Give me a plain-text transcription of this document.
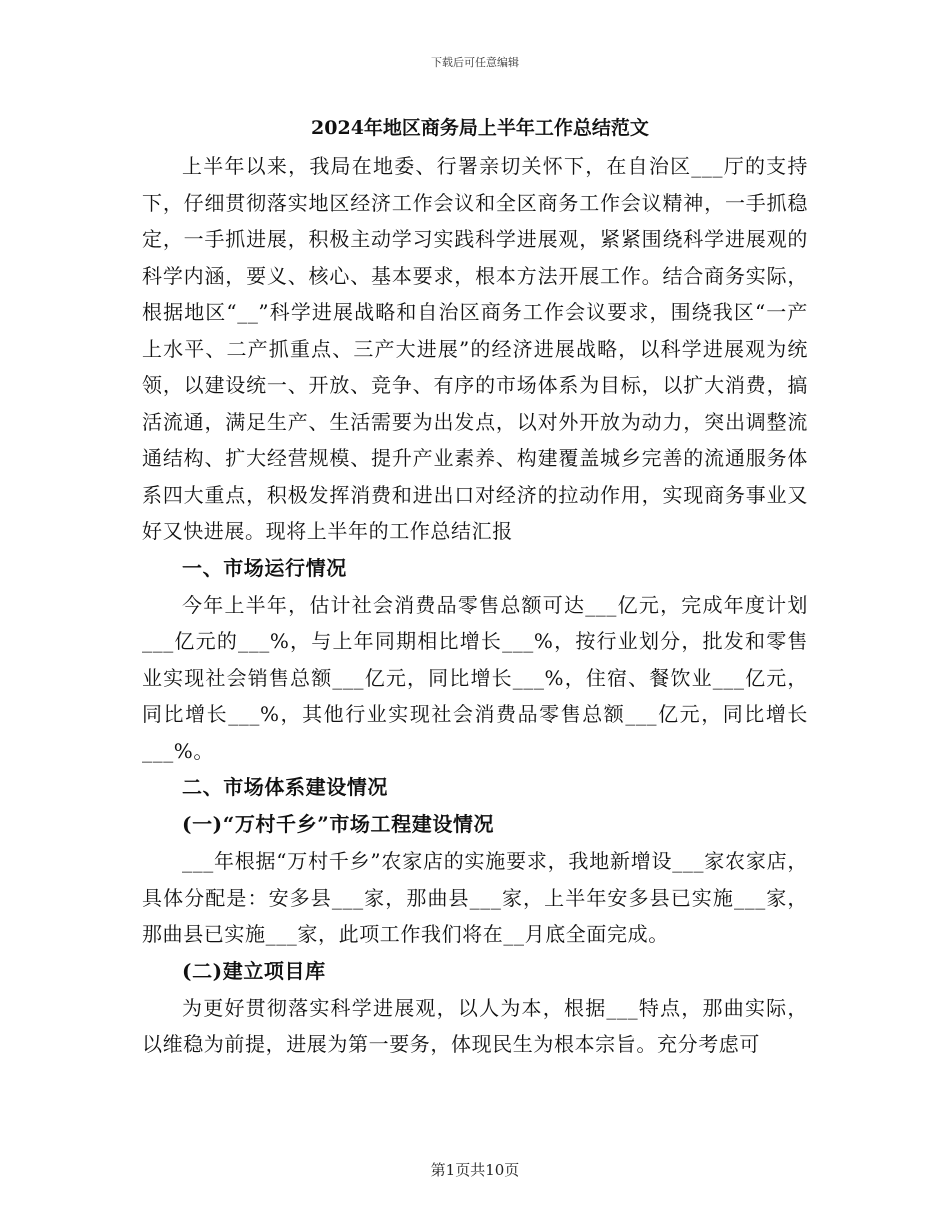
下载后可任意编辑
2024年地区商务局上半年工作总结范文

上半年以来，我局在地委、行署亲切关怀下，在自治区___厅的支持下，仔细贯彻落实地区经济工作会议和全区商务工作会议精神，一手抓稳定，一手抓进展，积极主动学习实践科学进展观，紧紧围绕科学进展观的科学内涵，要义、核心、基本要求，根本方法开展工作。结合商务实际，根据地区“__”科学进展战略和自治区商务工作会议要求，围绕我区“一产上水平、二产抓重点、三产大进展”的经济进展战略，以科学进展观为统领，以建设统一、开放、竞争、有序的市场体系为目标，以扩大消费，搞活流通，满足生产、生活需要为出发点，以对外开放为动力，突出调整流通结构、扩大经营规模、提升产业素养、构建覆盖城乡完善的流通服务体系四大重点，积极发挥消费和进出口对经济的拉动作用，实现商务事业又好又快进展。现将上半年的工作总结汇报

一、市场运行情况

今年上半年，估计社会消费品零售总额可达___亿元，完成年度计划___亿元的___%，与上年同期相比增长___%，按行业划分，批发和零售业实现社会销售总额___亿元，同比增长___%，住宿、餐饮业___亿元，同比增长___%，其他行业实现社会消费品零售总额___亿元，同比增长___%。

二、市场体系建设情况
(一)“万村千乡”市场工程建设情况

___年根据“万村千乡”农家店的实施要求，我地新增设___家农家店，具体分配是：安多县___家，那曲县___家，上半年安多县已实施___家，那曲县已实施___家，此项工作我们将在__月底全面完成。

(二)建立项目库

为更好贯彻落实科学进展观，以人为本，根据___特点，那曲实际，以维稳为前提，进展为第一要务，体现民生为根本宗旨。充分考虑可

第1页共10页
